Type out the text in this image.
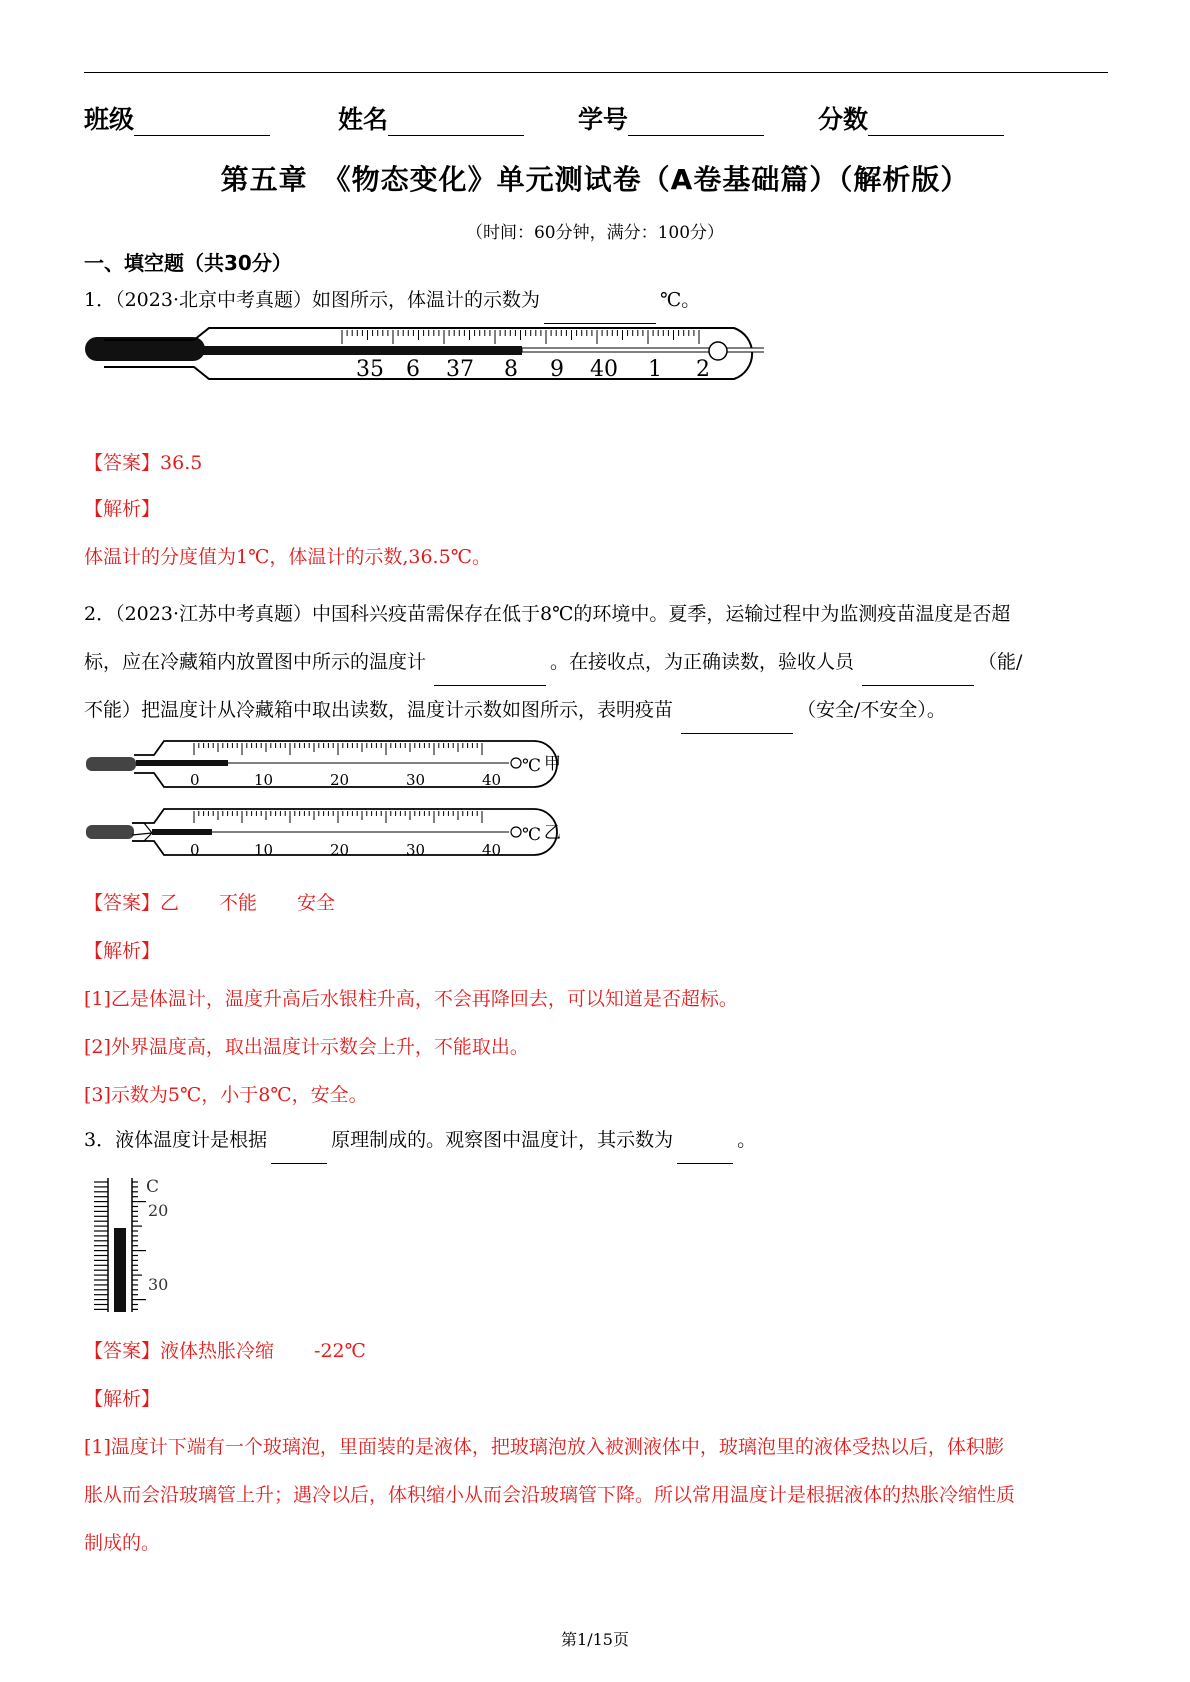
班级	姓名	学号	分数
第五章　《物态变化》单元测试卷（A卷基础篇）（解析版）
（时间：60分钟，满分：100分）
一、填空题（共30分）
1．（2023·北京中考真题）如图所示，体温计的示数为	℃。
35 6 37 8 9 40 1 2
【答案】36.5
【解析】
体温计的分度值为1℃，体温计的示数,36.5℃。
2．（2023·江苏中考真题）中国科兴疫苗需保存在低于8℃的环境中。夏季，运输过程中为监测疫苗温度是否超
标，应在冷藏箱内放置图中所示的温度计	。在接收点，为正确读数，验收人员	（能/
不能）把温度计从冷藏箱中取出读数，温度计示数如图所示，表明疫苗	（安全/不安全）。
0	10	20	30	40
℃ 甲
0	10	20	30	40
℃ 乙
【答案】乙 不能 安全
【解析】
[1]乙是体温计，温度升高后水银柱升高，不会再降回去，可以知道是否超标。
[2]外界温度高，取出温度计示数会上升，不能取出。
[3]示数为5℃，小于8℃，安全。
3．液体温度计是根据	原理制成的。观察图中温度计，其示数为	。
C
20
30
【答案】液体热胀冷缩 -22℃
【解析】
[1]温度计下端有一个玻璃泡，里面装的是液体，把玻璃泡放入被测液体中，玻璃泡里的液体受热以后，体积膨
胀从而会沿玻璃管上升；遇冷以后，体积缩小从而会沿玻璃管下降。所以常用温度计是根据液体的热胀冷缩性质
制成的。
第1/15页
